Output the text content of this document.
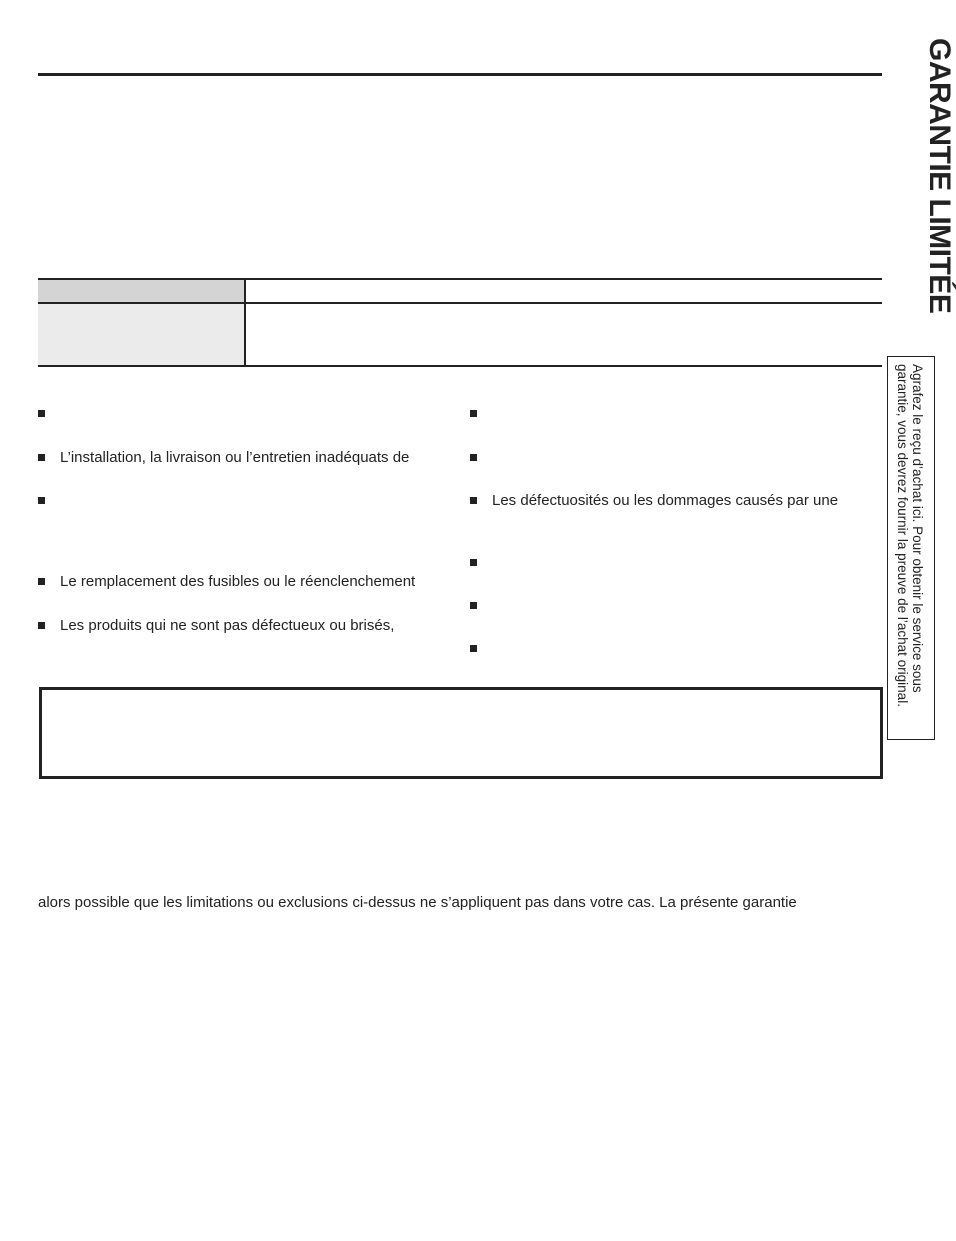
GARANTIE LIMITÉE
Agrafez le reçu d’achat ici. Pour obtenir le service sous
garantie, vous devrez fournir la preuve de l’achat original.
L’installation, la livraison ou l’entretien inadéquats de
Le remplacement des fusibles ou le réenclenchement
Les produits qui ne sont pas défectueux ou brisés,
Les défectuosités ou les dommages causés par une
alors possible que les limitations ou exclusions ci-dessus ne s’appliquent pas dans votre cas. La présente garantie
